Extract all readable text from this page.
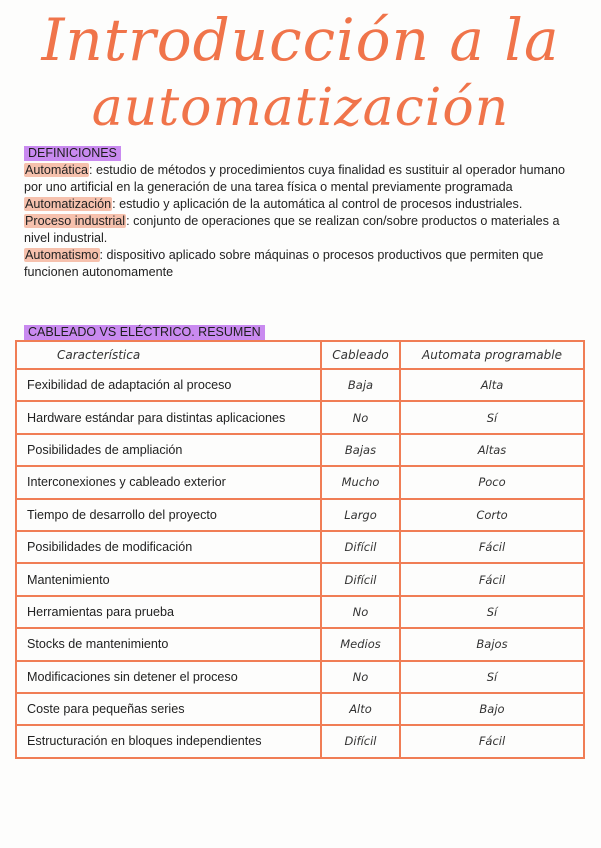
Introducción a la
automatización
DEFINICIONES

Automática: estudio de métodos y procedimientos cuya finalidad es sustituir al operador humano por uno artificial en la generación de una tarea física o mental previamente programada

Automatización: estudio y aplicación de la automática al control de procesos industriales.

Proceso industrial: conjunto de operaciones que se realizan con/sobre productos o materiales a nivel industrial.

Automatismo: dispositivo aplicado sobre máquinas o procesos productivos que permiten que funcionen autonomamente

CABLEADO VS ELÉCTRICO. RESUMEN
Característica	Cableado	Automata programable
Fexibilidad de adaptación al proceso	Baja	Alta
Hardware estándar para distintas aplicaciones	No	Sí
Posibilidades de ampliación	Bajas	Altas
Interconexiones y cableado exterior	Mucho	Poco
Tiempo de desarrollo del proyecto	Largo	Corto
Posibilidades de modificación	Difícil	Fácil
Mantenimiento	Difícil	Fácil
Herramientas para prueba	No	Sí
Stocks de mantenimiento	Medios	Bajos
Modificaciones sin detener el proceso	No	Sí
Coste para pequeñas series	Alto	Bajo
Estructuración en bloques independientes	Difícil	Fácil
